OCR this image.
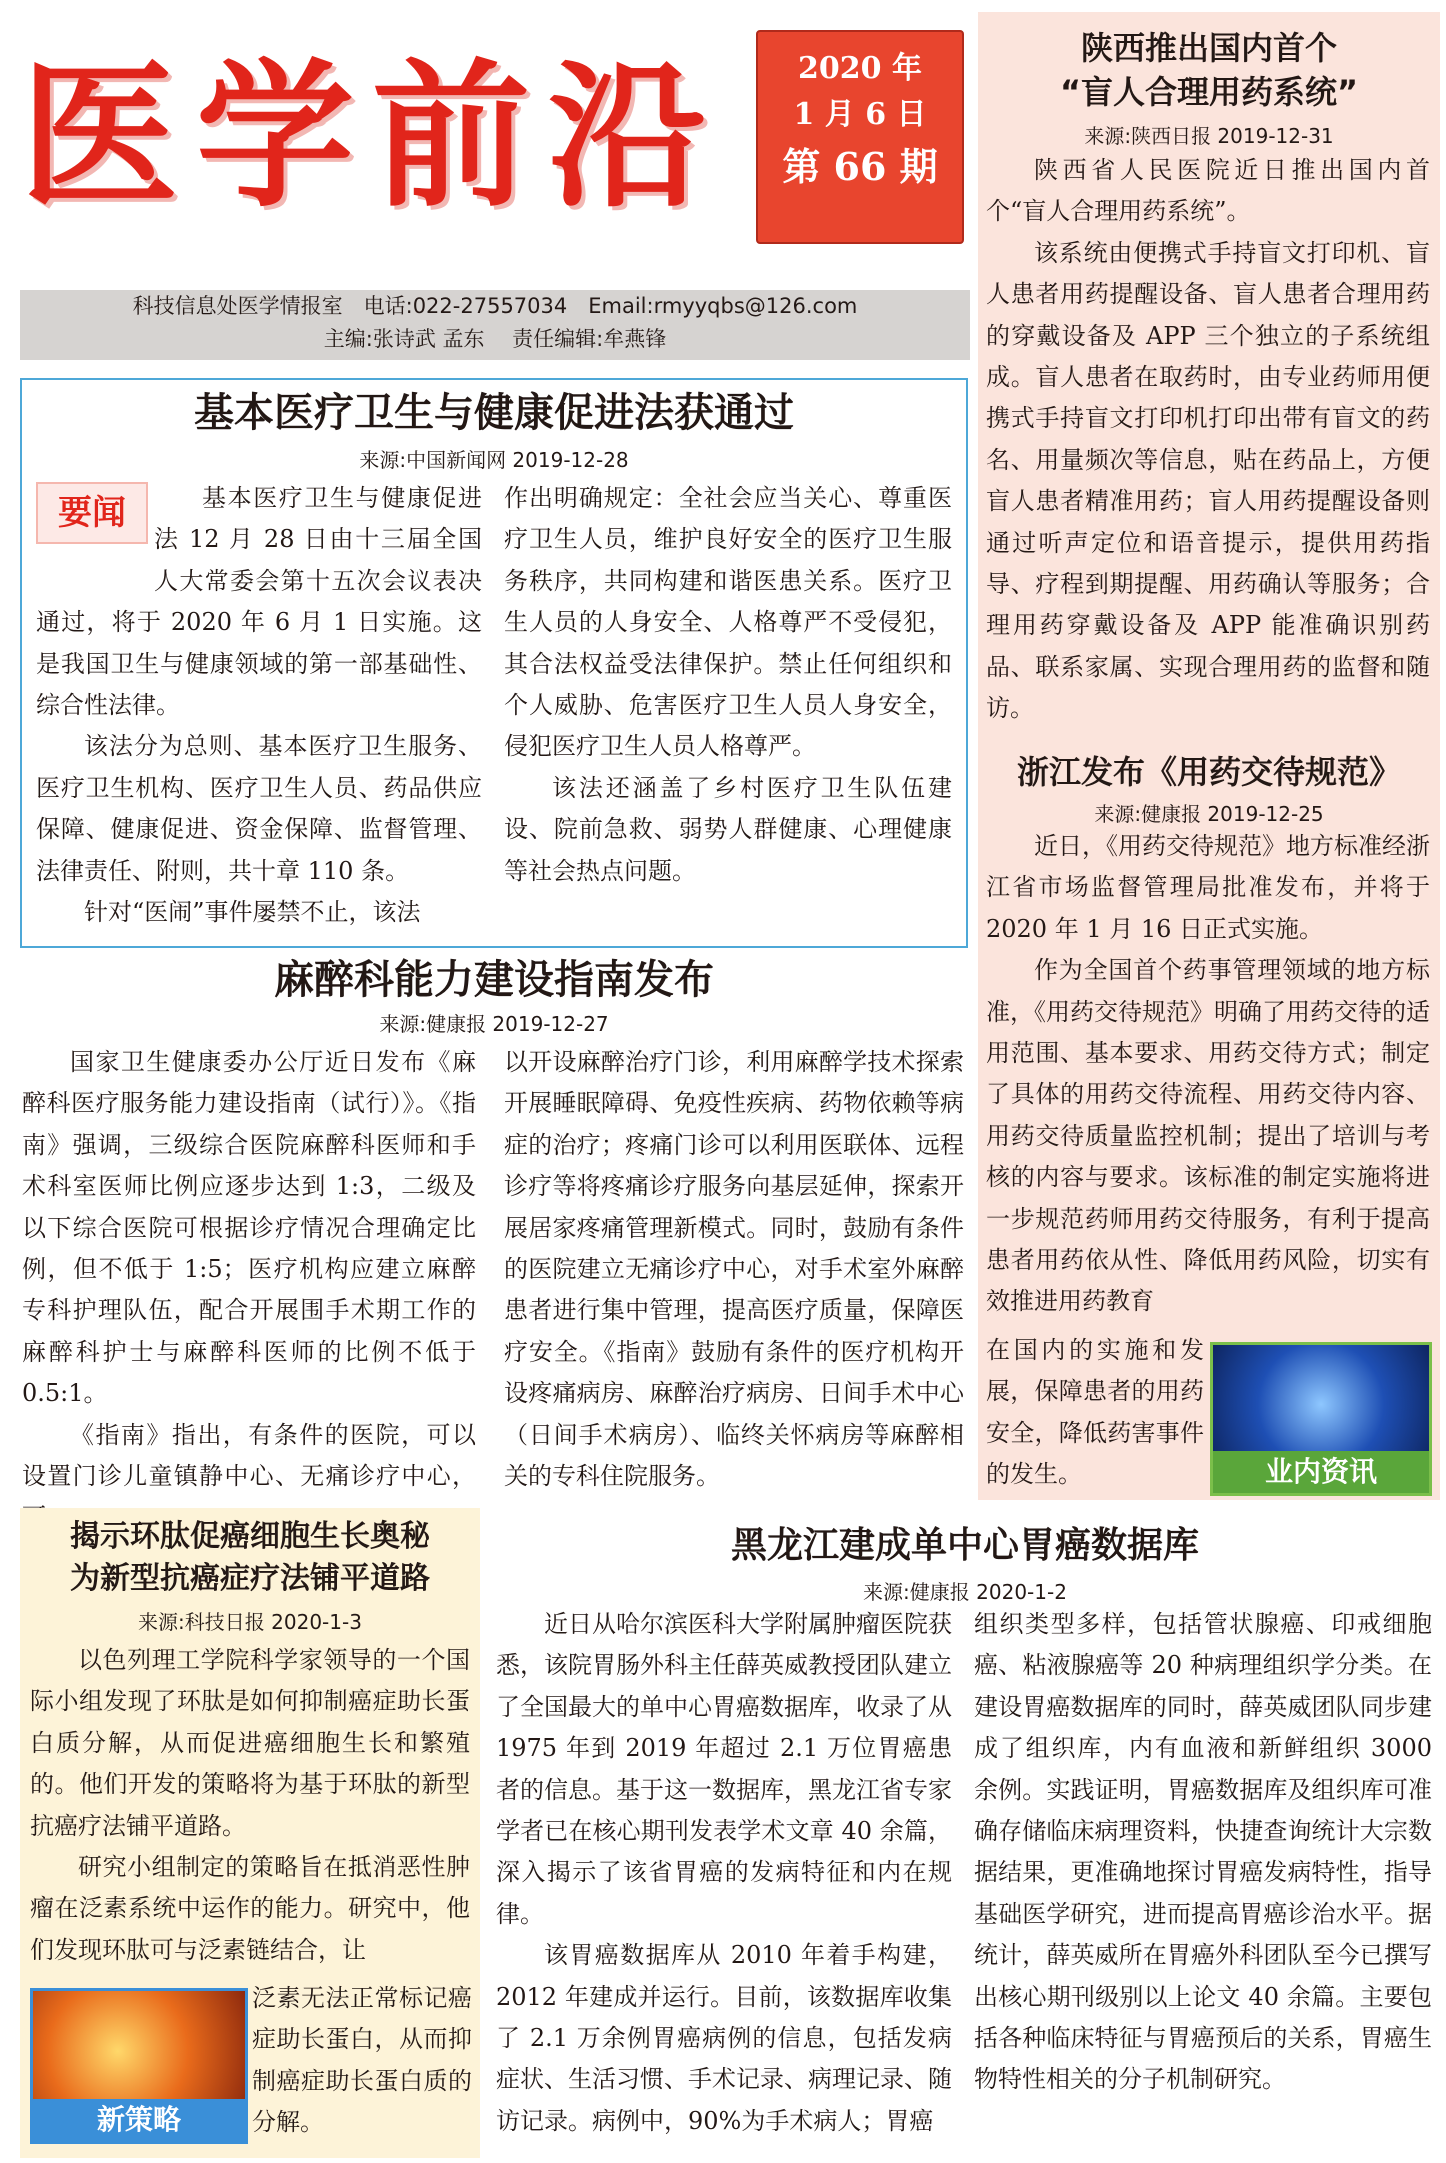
医学前沿	2020 年
1 月 6 日
第 66 期
科技信息处医学情报室　电话:022-27557034　Email:rmyyqbs@126.com
主编:张诗武 孟东　 责任编辑:牟燕锋
基本医疗卫生与健康促进法获通过
来源:中国新闻网 2019-12-28
要闻	基本医疗卫生与健康促进法 12 月 28 日由十三届全国人大常委会第十五次会议表决通过，将于 2020 年 6 月 1 日实施。这是我国卫生与健康领域的第一部基础性、综合性法律。

该法分为总则、基本医疗卫生服务、医疗卫生机构、医疗卫生人员、药品供应保障、健康促进、资金保障、监督管理、法律责任、附则，共十章 110 条。

针对“医闹”事件屡禁不止，该法

作出明确规定：全社会应当关心、尊重医疗卫生人员，维护良好安全的医疗卫生服务秩序，共同构建和谐医患关系。医疗卫生人员的人身安全、人格尊严不受侵犯，其合法权益受法律保护。禁止任何组织和个人威胁、危害医疗卫生人员人身安全，侵犯医疗卫生人员人格尊严。

该法还涵盖了乡村医疗卫生队伍建设、院前急救、弱势人群健康、心理健康等社会热点问题。

麻醉科能力建设指南发布
来源:健康报 2019-12-27

国家卫生健康委办公厅近日发布《麻醉科医疗服务能力建设指南（试行）》。《指南》强调，三级综合医院麻醉科医师和手术科室医师比例应逐步达到 1:3，二级及以下综合医院可根据诊疗情况合理确定比例，但不低于 1:5；医疗机构应建立麻醉专科护理队伍，配合开展围手术期工作的麻醉科护士与麻醉科医师的比例不低于 0.5:1。

《指南》指出，有条件的医院，可以设置门诊儿童镇静中心、无痛诊疗中心，

以开设麻醉治疗门诊，利用麻醉学技术探索开展睡眠障碍、免疫性疾病、药物依赖等病症的治疗；疼痛门诊可以利用医联体、远程诊疗等将疼痛诊疗服务向基层延伸，探索开展居家疼痛管理新模式。同时，鼓励有条件的医院建立无痛诊疗中心，对手术室外麻醉患者进行集中管理，提高医疗质量，保障医疗安全。《指南》鼓励有条件的医疗机构开设疼痛病房、麻醉治疗病房、日间手术中心（日间手术病房）、临终关怀病房等麻醉相关的专科住院服务。

陕西推出国内首个
“盲人合理用药系统”
来源:陕西日报 2019-12-31

陕西省人民医院近日推出国内首个“盲人合理用药系统”。

该系统由便携式手持盲文打印机、盲人患者用药提醒设备、盲人患者合理用药的穿戴设备及 APP 三个独立的子系统组成。盲人患者在取药时，由专业药师用便携式手持盲文打印机打印出带有盲文的药名、用量频次等信息，贴在药品上，方便盲人患者精准用药；盲人用药提醒设备则通过听声定位和语音提示，提供用药指导、疗程到期提醒、用药确认等服务；合理用药穿戴设备及 APP 能准确识别药品、联系家属、实现合理用药的监督和随访。

浙江发布《用药交待规范》
来源:健康报 2019-12-25

近日，《用药交待规范》地方标准经浙江省市场监督管理局批准发布，并将于 2020 年 1 月 16 日正式实施。

作为全国首个药事管理领域的地方标准，《用药交待规范》明确了用药交待的适用范围、基本要求、用药交待方式；制定了具体的用药交待流程、用药交待内容、用药交待质量监控机制；提出了培训与考核的内容与要求。该标准的制定实施将进一步规范药师用药交待服务，有利于提高患者用药依从性、降低用药风险，切实有效推进用药教育

在国内的实施和发展，保障患者的用药安全，降低药害事件的发生。	业内资讯
揭示环肽促癌细胞生长奥秘
为新型抗癌症疗法铺平道路
来源:科技日报 2020-1-3

以色列理工学院科学家领导的一个国际小组发现了环肽是如何抑制癌症助长蛋白质分解，从而促进癌细胞生长和繁殖的。他们开发的策略将为基于环肽的新型抗癌疗法铺平道路。

研究小组制定的策略旨在抵消恶性肿瘤在泛素系统中运作的能力。研究中，他们发现环肽可与泛素链结合，让

新策略

泛素无法正常标记癌症助长蛋白，从而抑制癌症助长蛋白质的分解。

黑龙江建成单中心胃癌数据库
来源:健康报 2020-1-2

近日从哈尔滨医科大学附属肿瘤医院获悉，该院胃肠外科主任薛英威教授团队建立了全国最大的单中心胃癌数据库，收录了从 1975 年到 2019 年超过 2.1 万位胃癌患者的信息。基于这一数据库，黑龙江省专家学者已在核心期刊发表学术文章 40 余篇，深入揭示了该省胃癌的发病特征和内在规律。

该胃癌数据库从 2010 年着手构建，2012 年建成并运行。目前，该数据库收集了 2.1 万余例胃癌病例的信息，包括发病症状、生活习惯、手术记录、病理记录、随访记录。病例中，90%为手术病人；胃癌

组织类型多样，包括管状腺癌、印戒细胞癌、粘液腺癌等 20 种病理组织学分类。在建设胃癌数据库的同时，薛英威团队同步建成了组织库，内有血液和新鲜组织 3000 余例。实践证明，胃癌数据库及组织库可准确存储临床病理资料，快捷查询统计大宗数据结果，更准确地探讨胃癌发病特性，指导基础医学研究，进而提高胃癌诊治水平。据统计，薛英威所在胃癌外科团队至今已撰写出核心期刊级别以上论文 40 余篇。主要包括各种临床特征与胃癌预后的关系，胃癌生物特性相关的分子机制研究。
